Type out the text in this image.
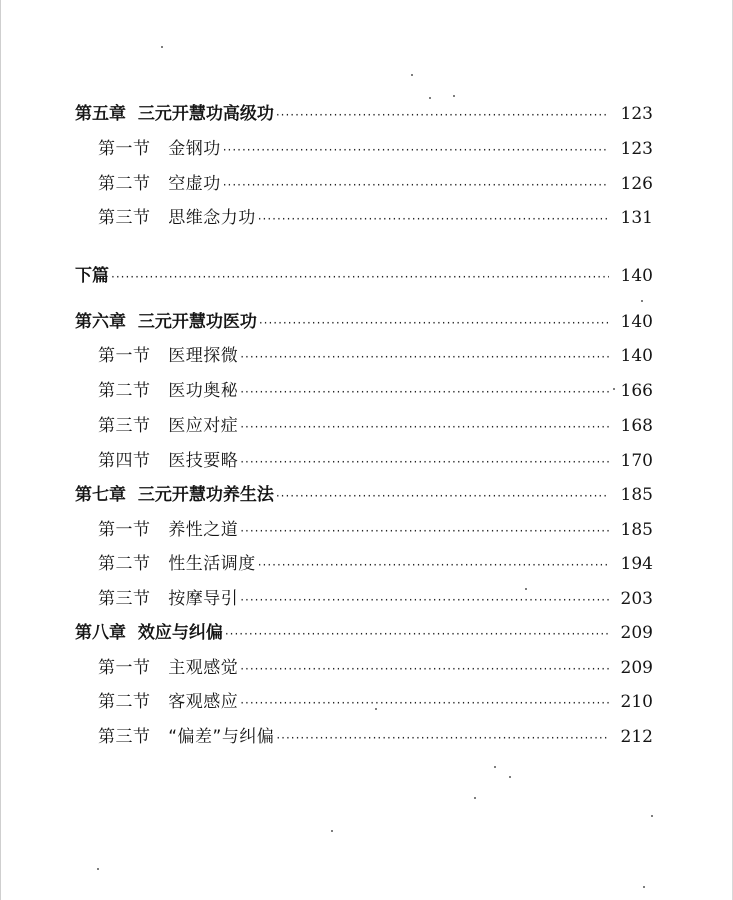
第五章  三元开慧功高级功 ·····	123
第一节   金钢功 ·····	123
第二节   空虚功 ·····	126
第三节   思维念力功 ·····	131
下篇 ·····	140
第六章  三元开慧功医功 ·····	140
第一节   医理探微 ·····	140
第二节   医功奥秘 ·····	166
第三节   医应对症 ·····	168
第四节   医技要略 ·····	170
第七章  三元开慧功养生法 ·····	185
第一节   养性之道 ·····	185
第二节   性生活调度 ·····	194
第三节   按摩导引 ·····	203
第八章  效应与纠偏 ·····	209
第一节   主观感觉 ·····	209
第二节   客观感应 ·····	210
第三节   “偏差”与纠偏 ·····	212
